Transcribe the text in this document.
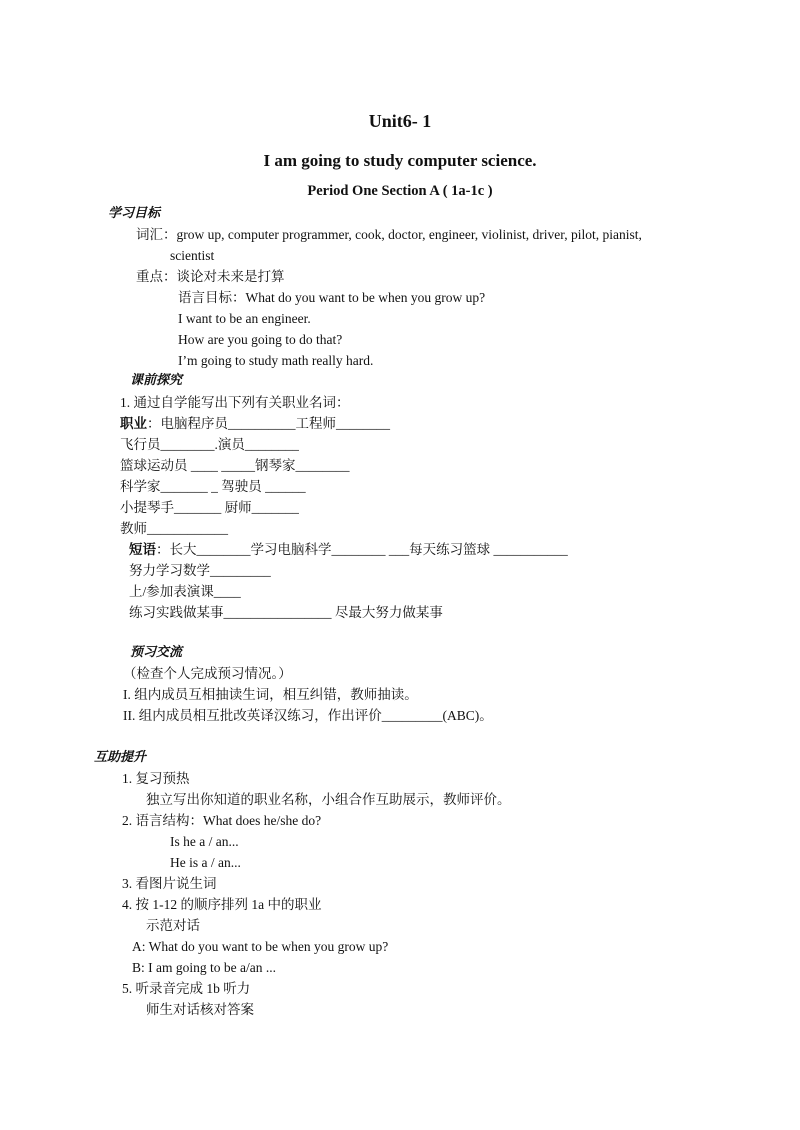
Unit6- 1
I am going to study computer science.
Period One Section A ( 1a-1c )
学习目标
词汇：grow up, computer programmer, cook, doctor, engineer, violinist, driver, pilot, pianist,
scientist
重点：谈论对未来是打算
语言目标：What do you want to be when you grow up?
I want to be an engineer.
How are you going to do that?
I’m going to study math really hard.
课前探究
1. 通过自学能写出下列有关职业名词：
职业：电脑程序员__________工程师________
飞行员________.演员________
篮球运动员 ____ _____钢琴家________
科学家_______ _ 驾驶员 ______
小提琴手_______ 厨师_______
教师____________
短语：长大________学习电脑科学________ ___每天练习篮球 ___________
努力学习数学_________
上/参加表演课____
练习实践做某事________________ 尽最大努力做某事
预习交流
（检查个人完成预习情况。）
I. 组内成员互相抽读生词，相互纠错，教师抽读。
II. 组内成员相互批改英译汉练习，作出评价_________(ABC)。
互助提升
1. 复习预热
独立写出你知道的职业名称，小组合作互助展示，教师评价。
2. 语言结构：What does he/she do?
Is he a / an...
He is a / an...
3. 看图片说生词
4. 按 1-12 的顺序排列 1a 中的职业
示范对话
A: What do you want to be when you grow up?
B: I am going to be a/an ...
5. 听录音完成 1b 听力
师生对话核对答案
